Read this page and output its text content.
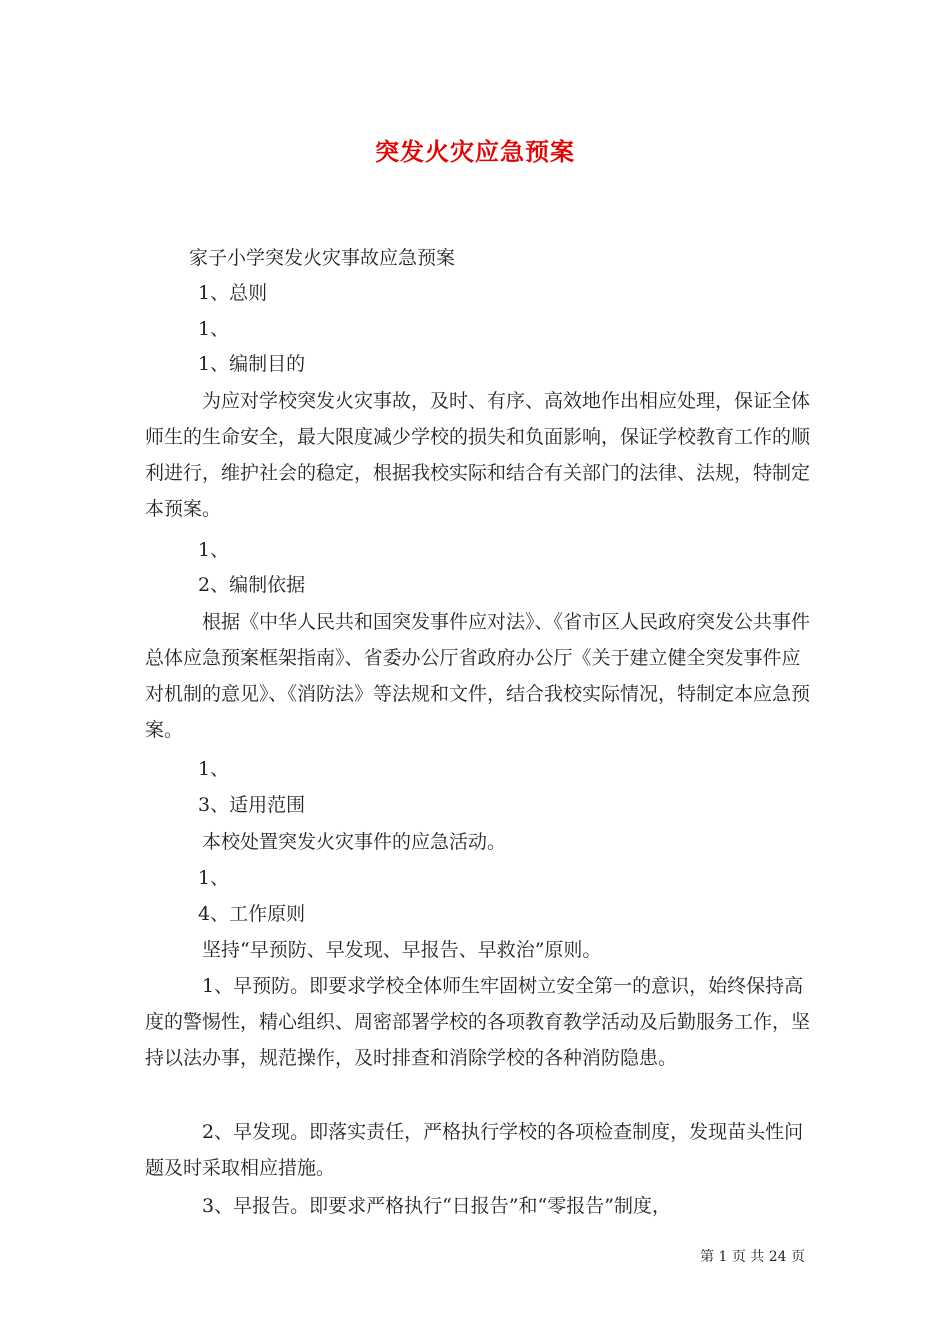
突发火灾应急预案

家子小学突发火灾事故应急预案

1、总则

1、

1、编制目的

为应对学校突发火灾事故，及时、有序、高效地作出相应处理，保证全体师生的生命安全，最大限度减少学校的损失和负面影响，保证学校教育工作的顺利进行，维护社会的稳定，根据我校实际和结合有关部门的法律、法规，特制定本预案。

1、

2、编制依据

根据《中华人民共和国突发事件应对法》、《省市区人民政府突发公共事件总体应急预案框架指南》、省委办公厅省政府办公厅《关于建立健全突发事件应对机制的意见》、《消防法》等法规和文件，结合我校实际情况，特制定本应急预案。

1、

3、适用范围

本校处置突发火灾事件的应急活动。

1、

4、工作原则

坚持“早预防、早发现、早报告、早救治”原则。

1、早预防。即要求学校全体师生牢固树立安全第一的意识，始终保持高度的警惕性，精心组织、周密部署学校的各项教育教学活动及后勤服务工作，坚持以法办事，规范操作，及时排查和消除学校的各种消防隐患。

2、早发现。即落实责任，严格执行学校的各项检查制度，发现苗头性问题及时采取相应措施。

3、早报告。即要求严格执行“日报告”和“零报告”制度，

第 1 页 共 24 页
